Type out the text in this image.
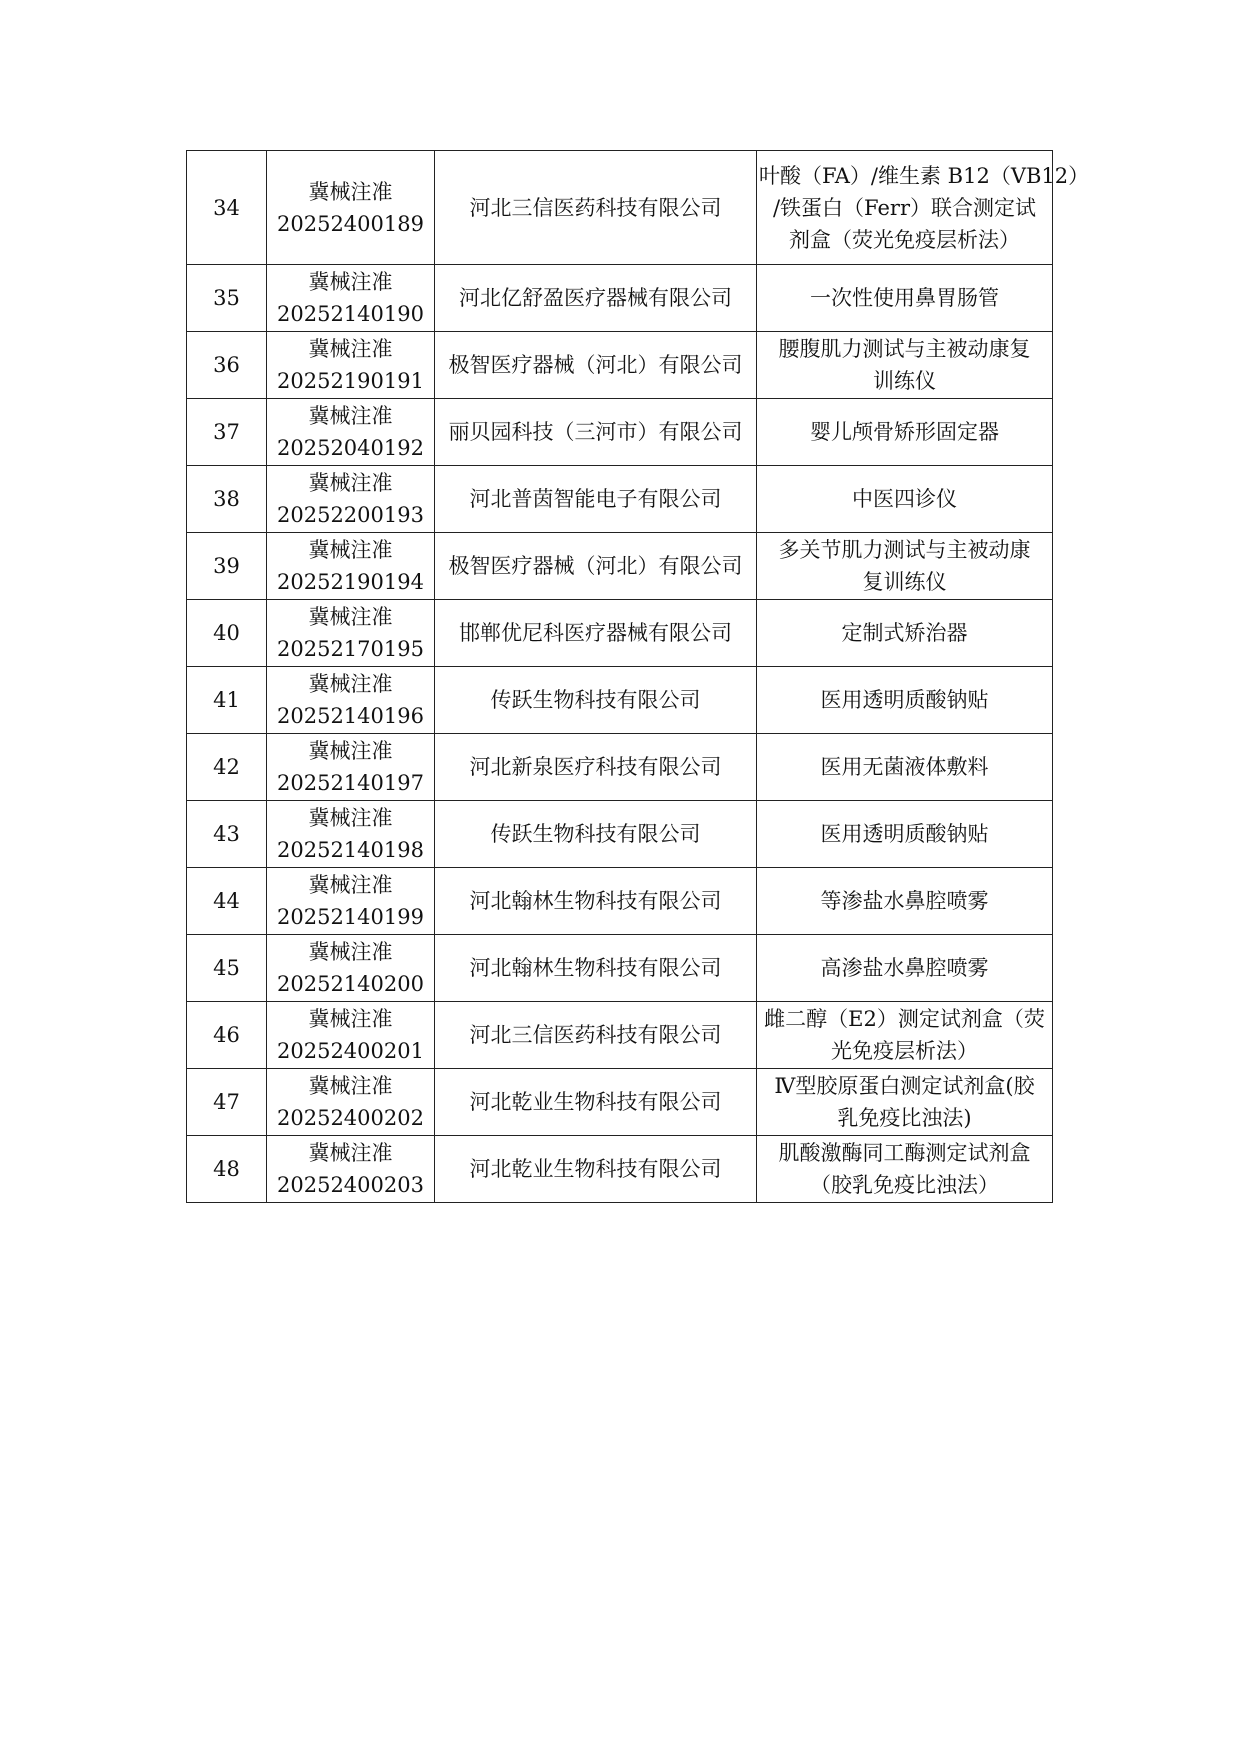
34	冀械注准
20252400189	河北三信医药科技有限公司	叶酸（FA）/维生素 B12（VB12）
/铁蛋白（Ferr）联合测定试
剂盒（荧光免疫层析法）

35	冀械注准
20252140190	河北亿舒盈医疗器械有限公司	一次性使用鼻胃肠管

36	冀械注准
20252190191	极智医疗器械（河北）有限公司	腰腹肌力测试与主被动康复
训练仪

37	冀械注准
20252040192	丽贝园科技（三河市）有限公司	婴儿颅骨矫形固定器

38	冀械注准
20252200193	河北普茵智能电子有限公司	中医四诊仪

39	冀械注准
20252190194	极智医疗器械（河北）有限公司	多关节肌力测试与主被动康
复训练仪

40	冀械注准
20252170195	邯郸优尼科医疗器械有限公司	定制式矫治器

41	冀械注准
20252140196	传跃生物科技有限公司	医用透明质酸钠贴

42	冀械注准
20252140197	河北新泉医疗科技有限公司	医用无菌液体敷料

43	冀械注准
20252140198	传跃生物科技有限公司	医用透明质酸钠贴

44	冀械注准
20252140199	河北翰林生物科技有限公司	等渗盐水鼻腔喷雾

45	冀械注准
20252140200	河北翰林生物科技有限公司	高渗盐水鼻腔喷雾

46	冀械注准
20252400201	河北三信医药科技有限公司	雌二醇（E2）测定试剂盒（荧
光免疫层析法）

47	冀械注准
20252400202	河北乾业生物科技有限公司	Ⅳ型胶原蛋白测定试剂盒(胶
乳免疫比浊法)

48	冀械注准
20252400203	河北乾业生物科技有限公司	肌酸激酶同工酶测定试剂盒
（胶乳免疫比浊法）
